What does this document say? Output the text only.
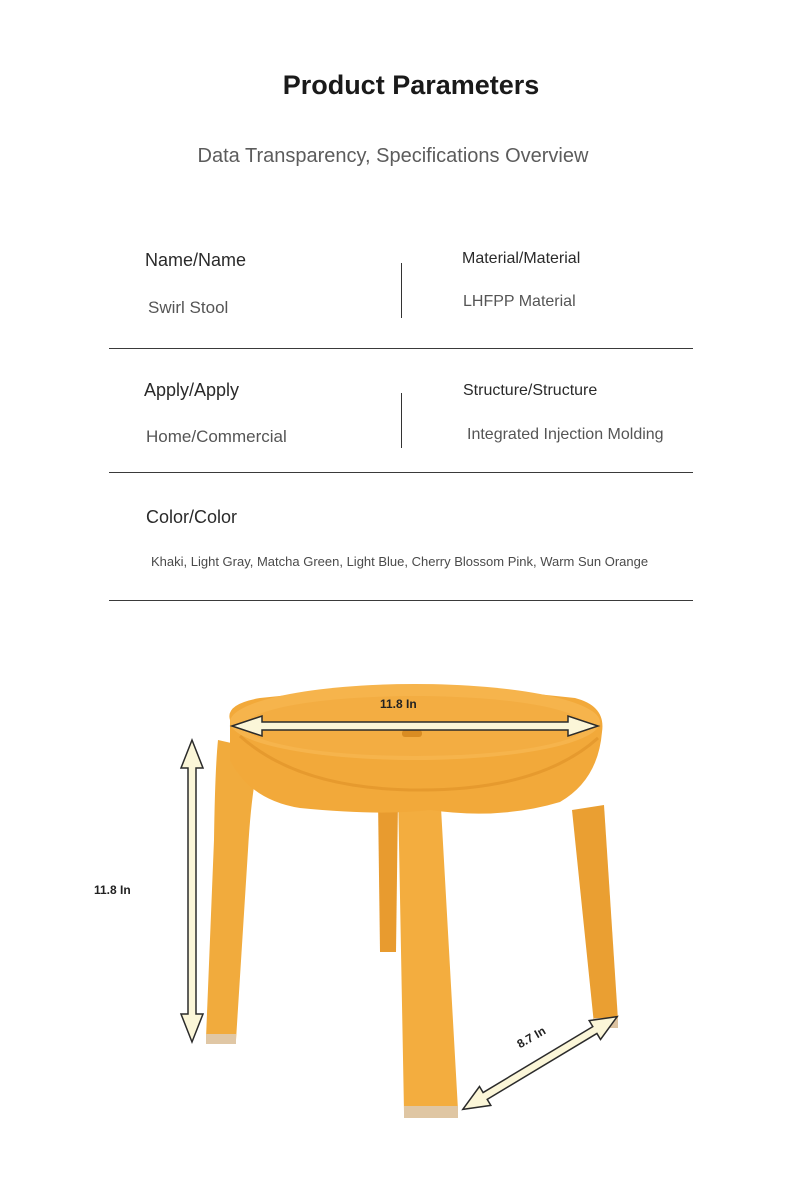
Product Parameters
Data Transparency, Specifications Overview
Name/Name
Swirl Stool
Material/Material
LHFPP Material
Apply/Apply
Home/Commercial
Structure/Structure
Integrated Injection Molding
Color/Color
Khaki, Light Gray, Matcha Green, Light Blue, Cherry Blossom Pink, Warm Sun Orange
11.8 In
11.8 In
8.7 In
